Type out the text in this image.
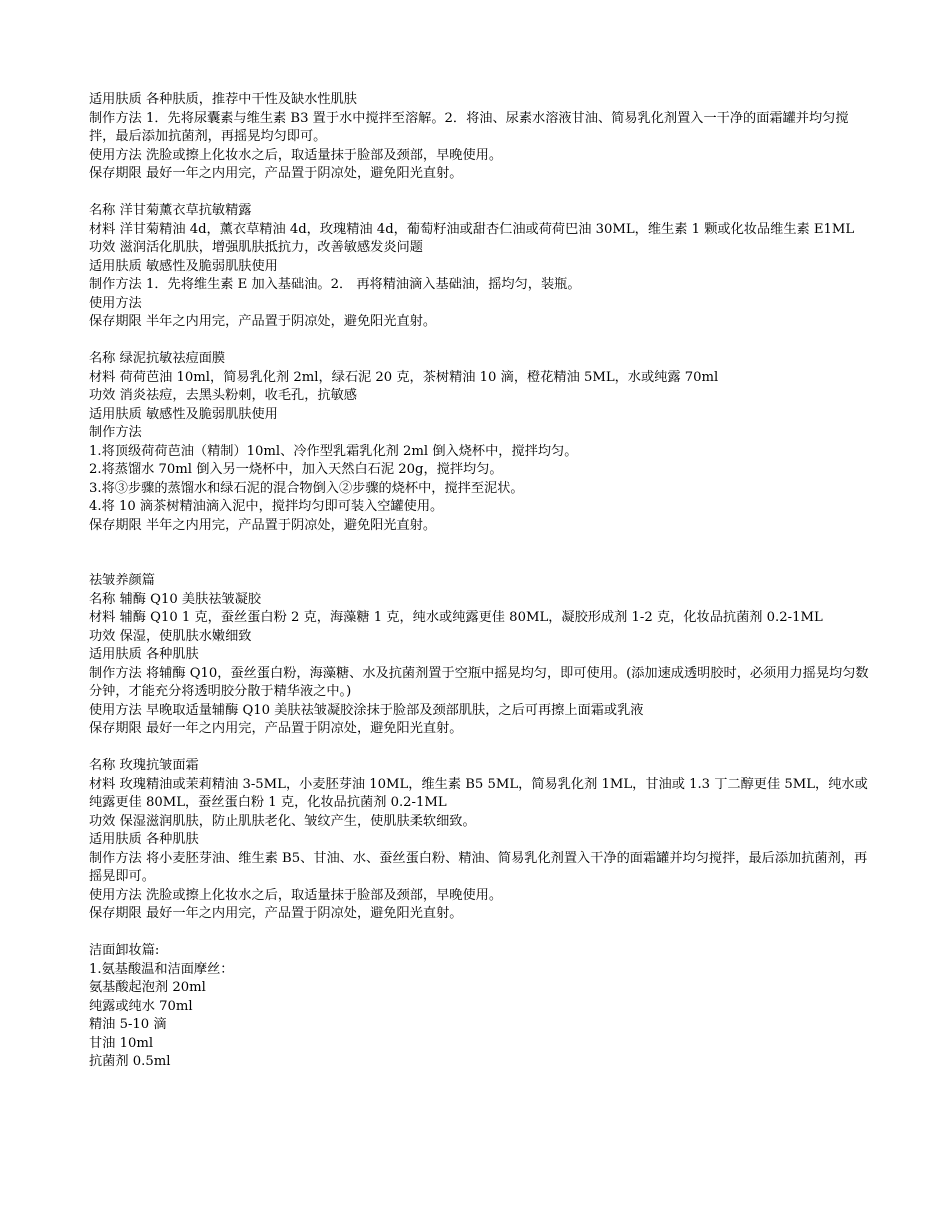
适用肤质 各种肤质，推荐中干性及缺水性肌肤
制作方法 1．先将尿囊素与维生素 B3 置于水中搅拌至溶解。2．将油、尿素水溶液甘油、简易乳化剂置入一干净的面霜罐并均匀搅拌，最后添加抗菌剂，再摇晃均匀即可。
使用方法 洗脸或擦上化妆水之后，取适量抹于脸部及颈部，早晚使用。
保存期限 最好一年之内用完，产品置于阴凉处，避免阳光直射。
名称 洋甘菊薰衣草抗敏精露
材料 洋甘菊精油 4d，薰衣草精油 4d，玫瑰精油 4d，葡萄籽油或甜杏仁油或荷荷巴油 30ML，维生素 1 颗或化妆品维生素 E1ML
功效 滋润活化肌肤，增强肌肤抵抗力，改善敏感发炎问题
适用肤质 敏感性及脆弱肌肤使用
制作方法 1．先将维生素 E 加入基础油。2． 再将精油滴入基础油，摇均匀，装瓶。
使用方法
保存期限 半年之内用完，产品置于阴凉处，避免阳光直射。
名称 绿泥抗敏祛痘面膜
材料 荷荷芭油 10ml，简易乳化剂 2ml，绿石泥 20 克，茶树精油 10 滴，橙花精油 5ML，水或纯露 70ml
功效 消炎祛痘，去黑头粉刺，收毛孔，抗敏感
适用肤质 敏感性及脆弱肌肤使用
制作方法
1.将顶级荷荷芭油（精制）10ml、冷作型乳霜乳化剂 2ml 倒入烧杯中，搅拌均匀。
2.将蒸馏水 70ml 倒入另一烧杯中，加入天然白石泥 20g，搅拌均匀。
3.将③步骤的蒸馏水和绿石泥的混合物倒入②步骤的烧杯中，搅拌至泥状。
4.将 10 滴茶树精油滴入泥中，搅拌均匀即可装入空罐使用。
保存期限 半年之内用完，产品置于阴凉处，避免阳光直射。
祛皱养颜篇
名称 辅酶 Q10 美肤祛皱凝胶
材料 辅酶 Q10 1 克，蚕丝蛋白粉 2 克，海藻糖 1 克，纯水或纯露更佳 80ML，凝胶形成剂 1-2 克，化妆品抗菌剂 0.2-1ML
功效 保湿，使肌肤水嫩细致
适用肤质 各种肌肤
制作方法 将辅酶 Q10，蚕丝蛋白粉，海藻糖、水及抗菌剂置于空瓶中摇晃均匀，即可使用。(添加速成透明胶时，必须用力摇晃均匀数分钟，才能充分将透明胶分散于精华液之中。)
使用方法 早晚取适量辅酶 Q10 美肤祛皱凝胶涂抹于脸部及颈部肌肤，之后可再擦上面霜或乳液
保存期限 最好一年之内用完，产品置于阴凉处，避免阳光直射。
名称 玫瑰抗皱面霜
材料 玫瑰精油或茉莉精油 3-5ML，小麦胚芽油 10ML，维生素 B5 5ML，简易乳化剂 1ML，甘油或 1.3 丁二醇更佳 5ML，纯水或纯露更佳 80ML，蚕丝蛋白粉 1 克，化妆品抗菌剂 0.2-1ML
功效 保湿滋润肌肤，防止肌肤老化、皱纹产生，使肌肤柔软细致。
适用肤质 各种肌肤
制作方法 将小麦胚芽油、维生素 B5、甘油、水、蚕丝蛋白粉、精油、简易乳化剂置入干净的面霜罐并均匀搅拌，最后添加抗菌剂，再摇晃即可。
使用方法 洗脸或擦上化妆水之后，取适量抹于脸部及颈部，早晚使用。
保存期限 最好一年之内用完，产品置于阴凉处，避免阳光直射。
洁面卸妆篇:
1.氨基酸温和洁面摩丝：
氨基酸起泡剂 20ml
纯露或纯水 70ml
精油 5-10 滴
甘油 10ml
抗菌剂 0.5ml
